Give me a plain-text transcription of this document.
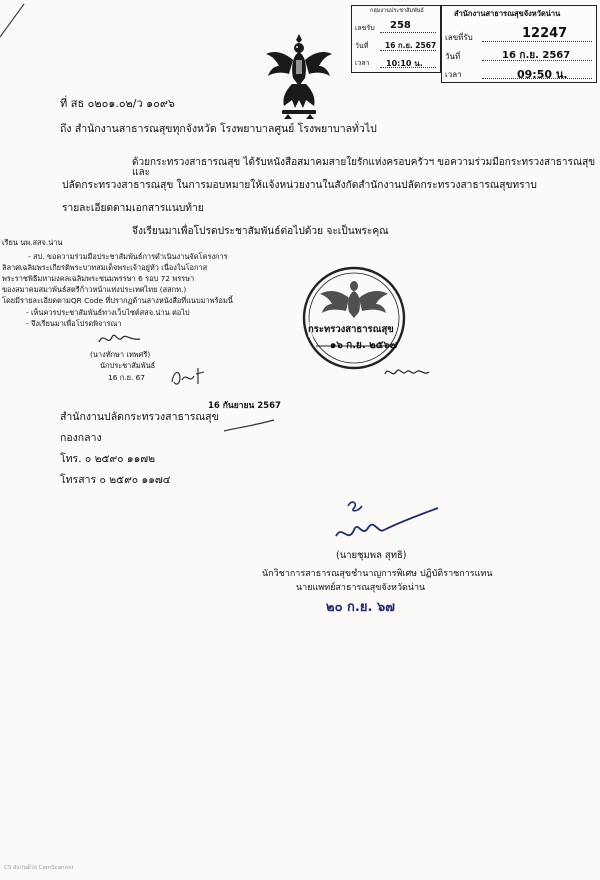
กลุ่มงานประชาสัมพันธ์
เลขรับ 258
วันที่ 16 ก.ย. 2567
เวลา 10:10 น.
สำนักงานสาธารณสุขจังหวัดน่าน
เลขที่รับ	12247
วันที่	16 ก.ย. 2567
เวลา	09:50 น.
ที่ สธ ๐๒๐๑.๐๒/ว ๑๐๙๖
ถึง สำนักงานสาธารณสุขทุกจังหวัด โรงพยาบาลศูนย์ โรงพยาบาลทั่วไป
ด้วยกระทรวงสาธารณสุข ได้รับหนังสือสมาคมสายใยรักแห่งครอบครัวฯ ขอความร่วมมือกระทรวงสาธารณสุขและ
ปลัดกระทรวงสาธารณสุข ในการมอบหมายให้แจ้งหน่วยงานในสังกัดสำนักงานปลัดกระทรวงสาธารณสุขทราบ
รายละเอียดตามเอกสารแนบท้าย
จึงเรียนมาเพื่อโปรดประชาสัมพันธ์ต่อไปด้วย จะเป็นพระคุณ
เรียน นพ.สสจ.น่าน
- สป. ขอความร่วมมือประชาสัมพันธ์การดำเนินงานจัดโครงการ
ลิลาศเฉลิมพระเกียรติพระบาทสมเด็จพระเจ้าอยู่หัว เนื่องในโอกาส
พระราชพิธีมหามงคลเฉลิมพระชนมพรรษา 6 รอบ 72 พรรษา
ของสมาคมสมาพันธ์สตรีก้าวหน้าแห่งประเทศไทย (สสกท.)
โดยมีรายละเอียดตามQR Code ที่ปรากฏด้านล่างหนังสือที่แนบมาพร้อมนี้
- เห็นควรประชาสัมพันธ์ทางเว็บไซต์สสจ.น่าน ต่อไป
- จึงเรียนมาเพื่อโปรดพิจารณา
(นางทักษา เทพศรี)
นักประชาสัมพันธ์
16 ก.ย. 67
กระทรวงสาธารณสุข
๑๖ ก.ย. ๒๕๖๗
16 กันยายน 2567
สำนักงานปลัดกระทรวงสาธารณสุข
กองกลาง
โทร. ๐ ๒๕๙๐ ๑๑๗๒
โทรสาร ๐ ๒๕๙๐ ๑๑๗๔
(นายชุมพล สุทธิ)
นักวิชาการสาธารณสุขชำนาญการพิเศษ ปฏิบัติราชการแทน
นายแพทย์สาธารณสุขจังหวัดน่าน
๒๐ ก.ย. ๖๗
CS สแกนด้วย CamScanner
